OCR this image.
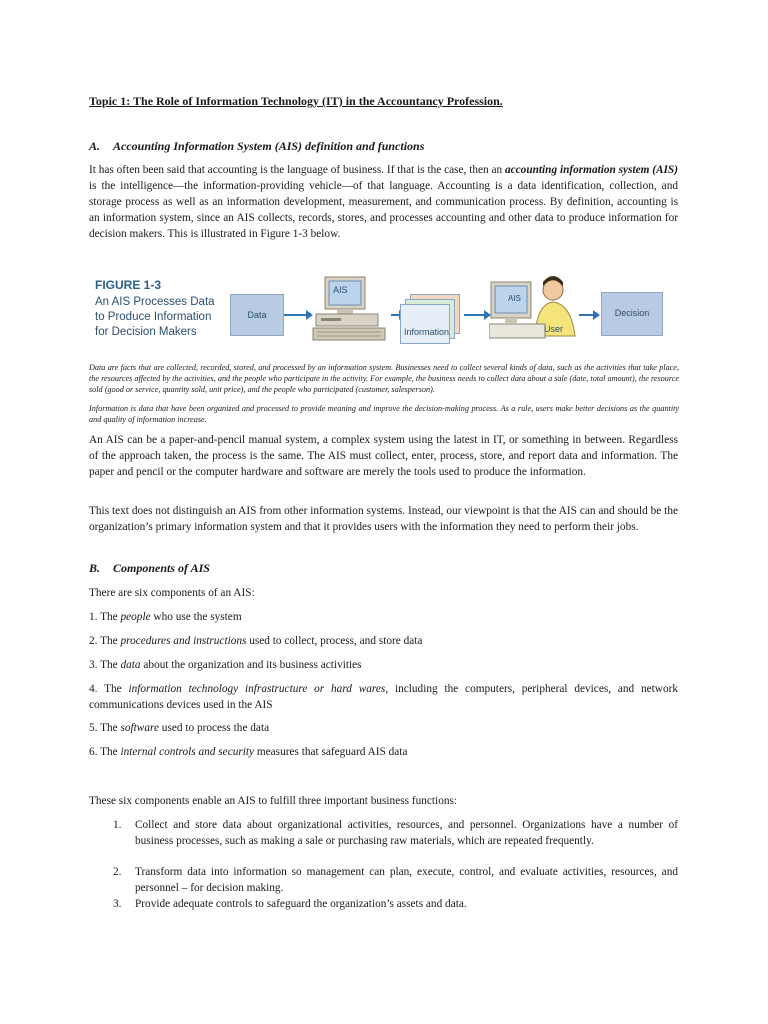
Topic 1: The Role of Information Technology (IT) in the Accountancy Profession.
A. Accounting Information System (AIS) definition and functions
It has often been said that accounting is the language of business. If that is the case, then an accounting information system (AIS) is the intelligence—the information-providing vehicle—of that language. Accounting is a data identification, collection, and storage process as well as an information development, measurement, and communication process. By definition, accounting is an information system, since an AIS collects, records, stores, and processes accounting and other data to produce information for decision makers. This is illustrated in Figure 1-3 below.
FIGURE 1-3
An AIS Processes Data to Produce Information for Decision Makers
Data
AIS
Information
AIS
User
Decision
Data are facts that are collected, recorded, stored, and processed by an information system. Businesses need to collect several kinds of data, such as the activities that take place, the resources affected by the activities, and the people who participate in the activity. For example, the business needs to collect data about a sale (date, total amount), the resource sold (good or service, quantity sold, unit price), and the people who participated (customer, salesperson).
Information is data that have been organized and processed to provide meaning and improve the decision-making process. As a rule, users make better decisions as the quantity and quality of information increase.
An AIS can be a paper-and-pencil manual system, a complex system using the latest in IT, or something in between. Regardless of the approach taken, the process is the same. The AIS must collect, enter, process, store, and report data and information. The paper and pencil or the computer hardware and software are merely the tools used to produce the information.
This text does not distinguish an AIS from other information systems. Instead, our viewpoint is that the AIS can and should be the organization’s primary information system and that it provides users with the information they need to perform their jobs.
B. Components of AIS
There are six components of an AIS:
1. The people who use the system
2. The procedures and instructions used to collect, process, and store data
3. The data about the organization and its business activities
4. The information technology infrastructure or hard wares, including the computers, peripheral devices, and network communications devices used in the AIS
5. The software used to process the data
6. The internal controls and security measures that safeguard AIS data
These six components enable an AIS to fulfill three important business functions:
1. Collect and store data about organizational activities, resources, and personnel. Organizations have a number of business processes, such as making a sale or purchasing raw materials, which are repeated frequently.
2. Transform data into information so management can plan, execute, control, and evaluate activities, resources, and personnel – for decision making.
3. Provide adequate controls to safeguard the organization’s assets and data.
